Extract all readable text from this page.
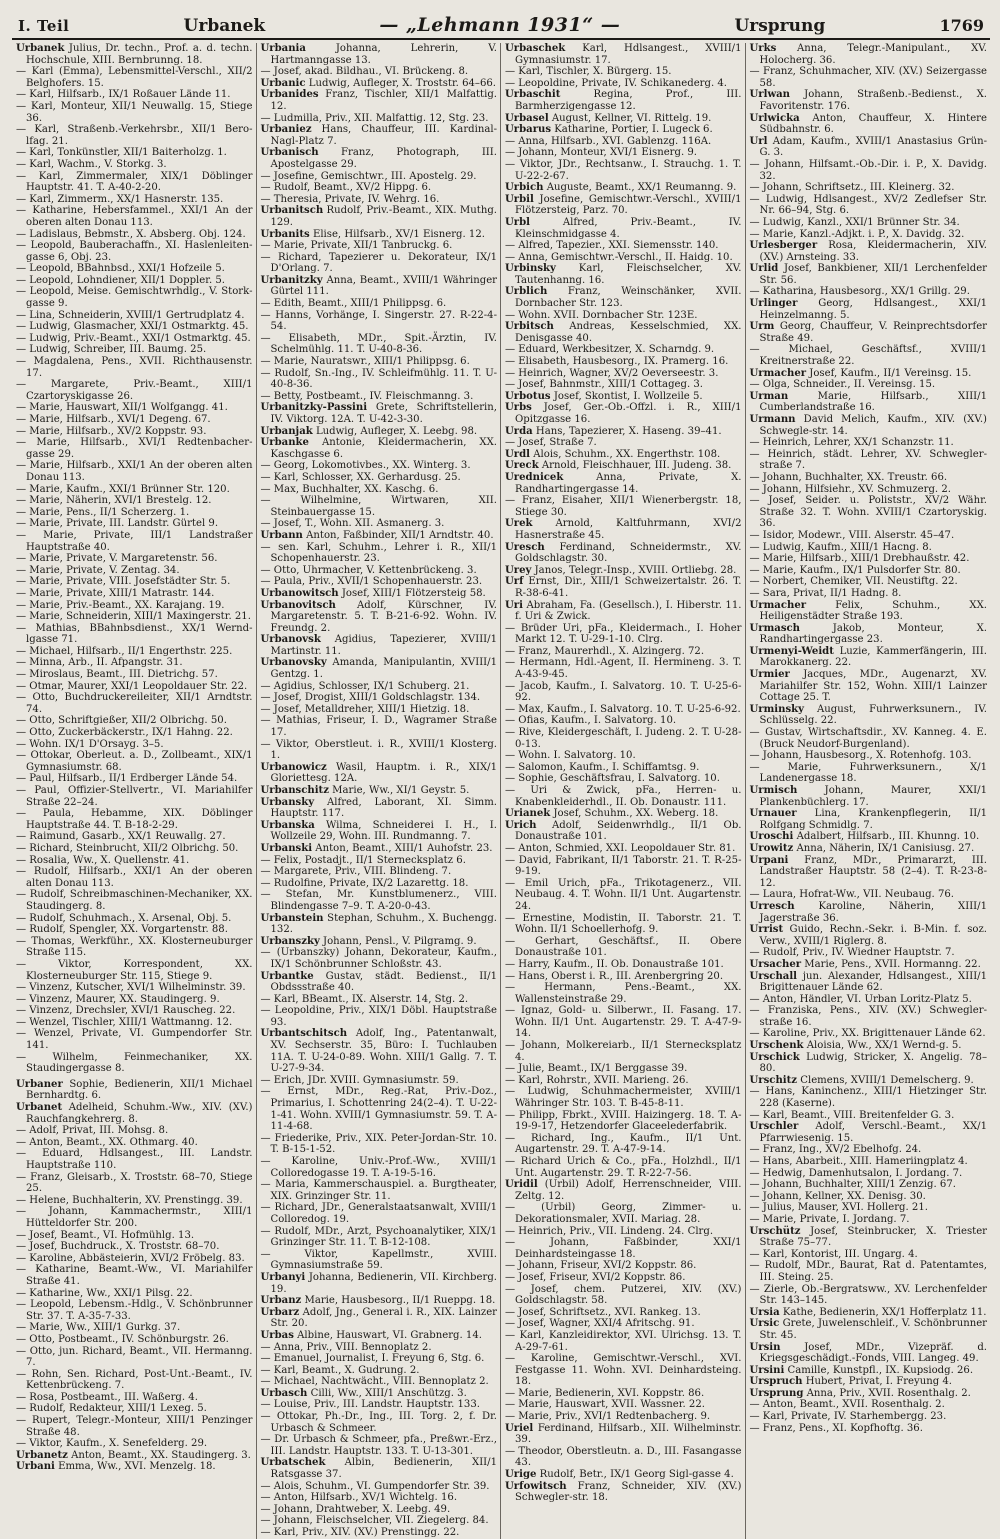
I. Teil	Urbanek	— „Lehmann 1931“ —	Ursprung	1769

Urbanek Julius, Dr. techn., Prof. a. d. techn. Hochschule, XIII. Bernbrunng. 18.

— Karl (Emma), Lebensmittel-Verschl., XII/2 Belghofers. 15.

— Karl, Hilfsarb., IX/1 Roßauer Lände 11.

— Karl, Monteur, XII/1 Neuwallg. 15, Stiege 36.

— Karl, Straßenb.-Verkehrsbr., XII/1 Bero-lfag. 21.

— Karl, Tonkünstler, XII/1 Baiterholzg. 1.

— Karl, Wachm., V. Storkg. 3.

— Karl, Zimmermaler, XIX/1 Döblinger Hauptstr. 41. T. A-40-2-20.

— Karl, Zimmerm., XX/1 Hasnerstr. 135.

— Katharine, Hebersfammel., XXI/1 An der oberen alten Donau 113.

— Ladislaus, Bebmstr., X. Absberg. Obj. 124.

— Leopold, Bauberachaffn., XI. Haslenleiten-gasse 6, Obj. 23.

— Leopold, BBahnbsd., XXI/1 Hofzeile 5.

— Leopold, Lohndiener, XII/1 Doppler. 5.

— Leopold, Meise. Gemischtwrhdlg., V. Stork-gasse 9.

— Lina, Schneiderin, XVIII/1 Gertrudplatz 4.

— Ludwig, Glasmacher, XXI/1 Ostmarktg. 45.

— Ludwig, Priv.-Beamt., XXI/1 Ostmarktg. 45.

— Ludwig, Schreiber, III. Baumg. 25.

— Magdalena, Pens., XVII. Richthausenstr. 17.

— Margarete, Priv.-Beamt., XIII/1 Czartoryskigasse 26.

— Marie, Hauswart, XII/1 Wolfgangg. 41.

— Marie, Hilfsarb., XVI/1 Degeng. 67.

— Marie, Hilfsarb., XV/2 Koppstr. 93.

— Marie, Hilfsarb., XVI/1 Redtenbacher-gasse 29.

— Marie, Hilfsarb., XXI/1 An der oberen alten Donau 113.

— Marie, Kaufm., XXI/1 Brünner Str. 120.

— Marie, Näherin, XVI/1 Brestelg. 12.

— Marie, Pens., II/1 Scherzerg. 1.

— Marie, Private, III. Landstr. Gürtel 9.

— Marie, Private, III/1 Landstraßer Hauptstraße 40.

— Marie, Private, V. Margaretenstr. 56.

— Marie, Private, V. Zentag. 34.

— Marie, Private, VIII. Josefstädter Str. 5.

— Marie, Private, XIII/1 Matrastr. 144.

— Marie, Priv.-Beamt., XX. Karajang. 19.

— Marie, Schneiderin, XIII/1 Maxingerstr. 21.

— Mathias, BBahnbsdienst., XX/1 Wernd-lgasse 71.

— Michael, Hilfsarb., II/1 Engerthstr. 225.

— Minna, Arb., II. Afpangstr. 31.

— Miroslaus, Beamt., III. Dietrichg. 57.

— Otmar, Maurer, XXI/1 Leopoldauer Str. 22.

— Otto, Buchdruckereileiter, XII/1 Arndtstr. 74.

— Otto, Schriftgießer, XII/2 Olbrichg. 50.

— Otto, Zuckerbäckerstr., IX/1 Hahng. 22.

— Wohn. IX/1 D'Orsayg. 3–5.

— Ottokar, Oberleut. a. D., Zollbeamt., XIX/1 Gymnasiumstr. 68.

— Paul, Hilfsarb., II/1 Erdberger Lände 54.

— Paul, Offizier-Stellvertr., VI. Mariahilfer Straße 22–24.

— Paula, Hebamme, XIX. Döblinger Hauptstraße 44. T. B-18-2-29.

— Raimund, Gasarb., XX/1 Reuwallg. 27.

— Richard, Steinbrucht, XII/2 Olbrichg. 50.

— Rosalia, Ww., X. Quellenstr. 41.

— Rudolf, Hilfsarb., XXI/1 An der oberen alten Donau 113.

— Rudolf, Schreibmaschinen-Mechaniker, XX. Staudingerg. 8.

— Rudolf, Schuhmach., X. Arsenal, Obj. 5.

— Rudolf, Spengler, XX. Vorgartenstr. 88.

— Thomas, Werkführ., XX. Klosterneuburger Straße 115.

— Viktor, Korrespondent, XX. Klosterneuburger Str. 115, Stiege 9.

— Vinzenz, Kutscher, XVI/1 Wilhelminstr. 39.

— Vinzenz, Maurer, XX. Staudingerg. 9.

— Vinzenz, Drechsler, XVI/1 Rauscheg. 22.

— Wenzel, Tischler, XIII/1 Wattmanng. 12.

— Wenzel, Private, VI. Gumpendorfer Str. 141.

— Wilhelm, Feinmechaniker, XX. Staudingergasse 8.

Urbaner Sophie, Bedienerin, XII/1 Michael Bernhardtg. 6.

Urbanet Adelheid, Schuhm.-Ww., XIV. (XV.) Rauchfangkehrerg. 8.

— Adolf, Privat, III. Mohsg. 8.

— Anton, Beamt., XX. Othmarg. 40.

— Eduard, Hdlsangest., III. Landstr. Hauptstraße 110.

— Franz, Gleisarb., X. Troststr. 68–70, Stiege 25.

— Helene, Buchhalterin, XV. Prenstingg. 39.

— Johann, Kammachermstr., XIII/1 Hütteldorfer Str. 200.

— Josef, Beamt., VI. Hofmühlg. 13.

— Josef, Buchdruck., X. Troststr. 68–70.

— Karoline, Abbästeierin, XVI/2 Fröbelg. 83.

— Katharine, Beamt.-Ww., VI. Mariahilfer Straße 41.

— Katharine, Ww., XXI/1 Pilsg. 22.

— Leopold, Lebensm.-Hdlg., V. Schönbrunner Str. 37. T. A-35-7-33.

— Marie, Ww., XIII/1 Gurkg. 37.

— Otto, Postbeamt., IV. Schönburgstr. 26.

— Otto, jun. Richard, Beamt., VII. Hermanng. 7.

— Rohn, Sen. Richard, Post-Unt.-Beamt., IV. Kettenbrückeng. 7.

— Rosa, Postbeamt., III. Waßerg. 4.

— Rudolf, Redakteur, XIII/1 Lexeg. 5.

— Rupert, Telegr.-Monteur, XIII/1 Penzinger Straße 48.

— Viktor, Kaufm., X. Senefelderg. 29.

Urbanetz Anton, Beamt., XX. Staudingerg. 3.

Urbani Emma, Ww., XVI. Menzelg. 18.

Urbania Johanna, Lehrerin, V. Hartmanngasse 13.

— Josef, akad. Bildhau., VI. Brückeng. 8.

Urbanic Ludwig, Aufleger, X. Troststr. 64–66.

Urbanides Franz, Tischler, XII/1 Malfattig. 12.

— Ludmilla, Priv., XII. Malfattig. 12, Stg. 23.

Urbaniez Hans, Chauffeur, III. Kardinal-Nagl-Platz 7.

Urbanisch Franz, Photograph, III. Apostelgasse 29.

— Josefine, Gemischtwr., III. Apostelg. 29.

— Rudolf, Beamt., XV/2 Hippg. 6.

— Theresia, Private, IV. Wehrg. 16.

Urbanitsch Rudolf, Priv.-Beamt., XIX. Muthg. 129.

Urbanits Elise, Hilfsarb., XV/1 Eisnerg. 12.

— Marie, Private, XII/1 Tanbruckg. 6.

— Richard, Tapezierer u. Dekorateur, IX/1 D'Orlang. 7.

Urbanitzky Anna, Beamt., XVIII/1 Währinger Gürtel 111.

— Edith, Beamt., XIII/1 Philippsg. 6.

— Hanns, Vorhänge, I. Singerstr. 27. R-22-4-54.

— Elisabeth, MDr., Spit.-Ärztin, IV. Schelmühlg. 11. T. U-40-8-36.

— Marie, Nauratswr., XIII/1 Philippsg. 6.

— Rudolf, Sn.-Ing., IV. Schleifmühlg. 11. T. U-40-8-36.

— Betty, Postbeamt., IV. Fleischmanng. 3.

Urbanitzky-Passini Grete, Schriftstellerin, IV. Viktorg. 12A. T. U-42-3-30.

Urbanjak Ludwig, Aufleger, X. Leebg. 98.

Urbanke Antonie, Kleidermacherin, XX. Kaschgasse 6.

— Georg, Lokomotivbes., XX. Winterg. 3.

— Karl, Schlosser, XX. Gerhardusg. 25.

— Max, Buchhalter, XX. Kaschg. 6.

— Wilhelmine, Wirtwaren, XII. Steinbauergasse 15.

— Josef, T., Wohn. XII. Asmanerg. 3.

Urbann Anton, Faßbinder, XII/1 Arndtstr. 40.

— sen. Karl, Schuhm., Lehrer i. R., XII/1 Schopenhauerstr. 23.

— Otto, Uhrmacher, V. Kettenbrückeng. 3.

— Paula, Priv., XVII/1 Schopenhauerstr. 23.

Urbanowitsch Josef, XIII/1 Flötzersteig 58.

Urbanovitsch Adolf, Kürschner, IV. Margaretenstr. 5. T. B-21-6-92. Wohn. IV. Freundg. 2.

Urbanovsk Agidius, Tapezierer, XVIII/1 Martinstr. 11.

Urbanovsky Amanda, Manipulantin, XVIII/1 Gentzg. 1.

— Agidius, Schlosser, IX/1 Schuberg. 21.

— Josef, Drogist, XIII/1 Goldschlagstr. 134.

— Josef, Metalldreher, XIII/1 Hietzig. 18.

— Mathias, Friseur, I. D., Wagramer Straße 17.

— Viktor, Oberstleut. i. R., XVIII/1 Klosterg. 1.

Urbanowicz Wasil, Hauptm. i. R., XIX/1 Gloriettesg. 12A.

Urbanschitz Marie, Ww., XI/1 Geystr. 5.

Urbansky Alfred, Laborant, XI. Simm. Hauptstr. 117.

Urbanska Wilma, Schneiderei I. H., I. Wollzeile 29, Wohn. III. Rundmanng. 7.

Urbanski Anton, Beamt., XIII/1 Auhofstr. 23.

— Felix, Postadjt., II/1 Sternecksplatz 6.

— Margarete, Priv., VIII. Blindeng. 7.

— Rudolfine, Private, IX/2 Lazarettg. 18.

— Stefan, Mr. Kunstblumenerz., VIII. Blindengasse 7–9. T. A-20-0-43.

Urbanstein Stephan, Schuhm., X. Buchengg. 132.

Urbanszky Johann, Pensl., V. Pilgramg. 9.

— (Urbanszky) Johann, Dekorateur, Kaufm., IX/1 Schönbrunner Schloßstr. 43.

Urbantke Gustav, städt. Bedienst., II/1 Obdssstraße 40.

— Karl, BBeamt., IX. Alserstr. 14, Stg. 2.

— Leopoldine, Priv., XIX/1 Döbl. Hauptstraße 93.

Urbantschitsch Adolf, Ing., Patentanwalt, XV. Sechserstr. 35, Büro: I. Tuchlauben 11A. T. U-24-0-89. Wohn. XIII/1 Gallg. 7. T. U-27-9-34.

— Erich, JDr. XVIII. Gymnasiumstr. 59.

— Ernst, MDr., Reg.-Rat, Priv.-Doz., Primarius, I. Schottenring 24(2–4). T. U-22-1-41. Wohn. XVIII/1 Gymnasiumstr. 59. T. A-11-4-68.

— Friederike, Priv., XIX. Peter-Jordan-Str. 10. T. B-15-1-52.

— Karoline, Univ.-Prof.-Ww., XVIII/1 Colloredogasse 19. T. A-19-5-16.

— Maria, Kammerschauspiel. a. Burgtheater, XIX. Grinzinger Str. 11.

— Richard, JDr., Generalstaatsanwalt, XVIII/1 Colloredog. 19.

— Rudolf, MDr., Arzt, Psychoanalytiker, XIX/1 Grinzinger Str. 11. T. B-12-108.

— Viktor, Kapellmstr., XVIII. Gymnasiumstraße 59.

Urbanyi Johanna, Bedienerin, VII. Kirchberg. 19.

Urbanz Marie, Hausbesorg., II/1 Rueppg. 18.

Urbarz Adolf, Jng., General i. R., XIX. Lainzer Str. 20.

Urbas Albine, Hauswart, VI. Grabnerg. 14.

— Anna, Priv., VIII. Bennoplatz 2.

— Emanuel, Journalist, I. Freyung 6, Stg. 6.

— Karl, Beamt., X. Gudrung. 2.

— Michael, Nachtwächt., VIII. Bennoplatz 2.

Urbasch Cilli, Ww., XIII/1 Anschützg. 3.

— Louise, Priv., III. Landstr. Hauptstr. 133.

— Ottokar, Ph.-Dr., Ing., III. Torg. 2, f. Dr. Urbasch & Schmeer.

— Dr. Urbasch & Schmeer, pfa., Preßwr.-Erz., III. Landstr. Hauptstr. 133. T. U-13-301.

Urbatschek Albin, Bedienerin, XII/1 Ratsgasse 37.

— Alois, Schuhm., VI. Gumpendorfer Str. 39.

— Anton, Hilfsarb., XV/1 Wichtelg. 16.

— Johann, Drahtweber, X. Leebg. 49.

— Johann, Fleischselcher, VII. Ziegelerg. 84.

— Karl, Priv., XIV. (XV.) Prenstingg. 22.

Urbaschek Karl, Hdlsangest., XVIII/1 Gymnasiumstr. 17.

— Karl, Tischler, X. Bürgerg. 15.

— Leopoldine, Private, IV. Schikanederg. 4.

Urbaschit Regina, Prof., III. Barmherzigengasse 12.

Urbasel August, Kellner, VI. Rittelg. 19.

Urbarus Katharine, Portier, I. Lugeck 6.

— Anna, Hilfsarb., XVI. Gablenzg. 116A.

— Johann, Monteur, XVI/1 Eisnerg. 9.

— Viktor, JDr., Rechtsanw., I. Strauchg. 1. T. U-22-2-67.

Urbich Auguste, Beamt., XX/1 Reumanng. 9.

Urbil Josefine, Gemischtwr.-Verschl., XVIII/1 Flötzersteig, Parz. 70.

Urbl Alfred, Priv.-Beamt., IV. Kleinschmidgasse 4.

— Alfred, Tapezier., XXI. Siemensstr. 140.

— Anna, Gemischtwr.-Verschl., II. Haidg. 10.

Urbinsky Karl, Fleischselcher, XV. Tautenhanng. 16.

Urblich Franz, Weinschänker, XVII. Dornbacher Str. 123.

— Wohn. XVII. Dornbacher Str. 123E.

Urbitsch Andreas, Kesselschmied, XX. Denisgasse 40.

— Eduard, Werkbesitzer, X. Scharndg. 9.

— Elisabeth, Hausbesorg., IX. Pramerg. 16.

— Heinrich, Wagner, XV/2 Oeverseestr. 3.

— Josef, Bahnmstr., XIII/1 Cottageg. 3.

Urbotus Josef, Skontist, I. Wollzeile 5.

Urbs Josef, Ger.-Ob.-Offzl. i. R., XIII/1 Opitzgasse 16.

Urda Hans, Tapezierer, X. Haseng. 39–41.

— Josef, Straße 7.

Urdl Alois, Schuhm., XX. Engerthstr. 108.

Ureck Arnold, Fleischhauer, III. Judeng. 38.

Urednicek Anna, Private, X. Randhartingergasse 14.

— Franz, Eisaher, XII/1 Wienerbergstr. 18, Stiege 30.

Urek Arnold, Kaltfuhrmann, XVI/2 Hasnerstraße 45.

Uresch Ferdinand, Schneidermstr., XV. Goldschlagstr. 30.

Urey Janos, Telegr.-Insp., XVIII. Ortliebg. 28.

Urf Ernst, Dir., XIII/1 Schweizertalstr. 26. T. R-38-6-41.

Uri Abraham, Fa. (Gesellsch.), I. Hiberstr. 11. f. Uri & Zwick.

— Brüder Uri, pFa., Kleidermach., I. Hoher Markt 12. T. U-29-1-10. Clrg.

— Franz, Maurerhdl., X. Alzingerg. 72.

— Hermann, Hdl.-Agent, II. Hermineng. 3. T. A-43-9-45.

— Jacob, Kaufm., I. Salvatorg. 10. T. U-25-6-92.

— Max, Kaufm., I. Salvatorg. 10. T. U-25-6-92.

— Ofias, Kaufm., I. Salvatorg. 10.

— Rive, Kleidergeschäft, I. Judeng. 2. T. U-28-0-13.

— Wohn. I. Salvatorg. 10.

— Salomon, Kaufm., I. Schiffamtsg. 9.

— Sophie, Geschäftsfrau, I. Salvatorg. 10.

— Uri & Zwick, pFa., Herren- u. Knabenkleiderhdl., II. Ob. Donaustr. 111.

Urianek Josef, Schuhm., XX. Weberg. 18.

Urich Adolf, Seidenwrhdlg., II/1 Ob. Donaustraße 101.

— Anton, Schmied, XXI. Leopoldauer Str. 81.

— David, Fabrikant, II/1 Taborstr. 21. T. R-25-9-19.

— Emil Urich, pFa., Trikotagenerz., VII. Neubaug. 4. T. Wohn. II/1 Unt. Augartenstr. 24.

— Ernestine, Modistin, II. Taborstr. 21. T. Wohn. II/1 Schoellerhofg. 9.

— Gerhart, Geschäftsf., II. Obere Donaustraße 101.

— Harry, Kaufm., II. Ob. Donaustraße 101.

— Hans, Oberst i. R., III. Arenbergring 20.

— Hermann, Pens.-Beamt., XX. Wallensteinstraße 29.

— Ignaz, Gold- u. Silberwr., II. Fasang. 17. Wohn. II/1 Unt. Augartenstr. 29. T. A-47-9-14.

— Johann, Molkereiarb., II/1 Sternecksplatz 4.

— Julie, Beamt., IX/1 Berggasse 39.

— Karl, Rohrstr., XVII. Marieng. 26.

— Ludwig, Schuhmachermeister, XVIII/1 Währinger Str. 103. T. B-45-8-11.

— Philipp, Fbrkt., XVIII. Haizingerg. 18. T. A-19-9-17, Hetzendorfer Glaceelederfabrik.

— Richard, Ing., Kaufm., II/1 Unt. Augartenstr. 29. T. A-47-9-14.

— Richard Urich & Co., pFa., Holzhdl., II/1 Unt. Augartenstr. 29. T. R-22-7-56.

Uridil (Urbil) Adolf, Herrenschneider, VIII. Zeltg. 12.

— (Urbil) Georg, Zimmer- u. Dekorationsmaler, XVII. Mariag. 28.

— Heinrich, Priv., VII. Lindeng. 24. Clrg.

— Johann, Faßbinder, XXI/1 Deinhardsteingasse 18.

— Johann, Friseur, XVI/2 Koppstr. 86.

— Josef, Friseur, XVI/2 Koppstr. 86.

— Josef, chem. Putzerei, XIV. (XV.) Goldschlagstr. 58.

— Josef, Schriftsetz., XVI. Rankeg. 13.

— Josef, Wagner, XXI/4 Afritschg. 91.

— Karl, Kanzleidirektor, XVI. Ulrichsg. 13. T. A-29-7-61.

— Karoline, Gemischtwr.-Verschl., XVI. Festgasse 11. Wohn. XVI. Deinhardsteing. 18.

— Marie, Bedienerin, XVI. Koppstr. 86.

— Marie, Hauswart, XVII. Wassner. 22.

— Marie, Priv., XVI/1 Redtenbacherg. 9.

Uriel Ferdinand, Hilfsarb., XII. Wilhelminstr. 39.

— Theodor, Oberstleutn. a. D., III. Fasangasse 43.

Urige Rudolf, Betr., IX/1 Georg Sigl-gasse 4.

Urfowitsch Franz, Schneider, XIV. (XV.) Schwegler-str. 18.

Urks Anna, Telegr.-Manipulant., XV. Holocherg. 36.

— Franz, Schuhmacher, XIV. (XV.) Seizergasse 58.

Urlwan Johann, Straßenb.-Bedienst., X. Favoritenstr. 176.

Urlwicka Anton, Chauffeur, X. Hintere Südbahnstr. 6.

Url Adam, Kaufm., XVIII/1 Anastasius Grün-G. 3.

— Johann, Hilfsamt.-Ob.-Dir. i. P., X. Davidg. 32.

— Johann, Schriftsetz., III. Kleinerg. 32.

— Ludwig, Hdlsangest., XV/2 Zedlefser Str. Nr. 66–94, Stg. 6.

— Ludwig, Kanzl., XXI/1 Brünner Str. 34.

— Marie, Kanzl.-Adjkt. i. P., X. Davidg. 32.

Urlesberger Rosa, Kleidermacherin, XIV. (XV.) Arnsteing. 33.

Urlid Josef, Bankbiener, XII/1 Lerchenfelder Str. 56.

— Katharina, Hausbesorg., XX/1 Grillg. 29.

Urlinger Georg, Hdlsangest., XXI/1 Heinzelmanng. 5.

Urm Georg, Chauffeur, V. Reinprechtsdorfer Straße 49.

— Michael, Geschäftsf., XVIII/1 Kreitnerstraße 22.

Urmacher Josef, Kaufm., II/1 Vereinsg. 15.

— Olga, Schneider., II. Vereinsg. 15.

Urman Marie, Hilfsarb., XIII/1 Cumberlandstraße 16.

Urmann David Melich, Kaufm., XIV. (XV.) Schwegle-str. 14.

— Heinrich, Lehrer, XX/1 Schanzstr. 11.

— Heinrich, städt. Lehrer, XV. Schwegler-straße 7.

— Johann, Buchhalter, XX. Treustr. 66.

— Johann, Hilfsiehr., XV. Schmuzerg. 2.

— Josef, Seider. u. Poliststr., XV/2 Währ. Straße 32. T. Wohn. XVIII/1 Czartoryskig. 36.

— Isidor, Modewr., VIII. Alserstr. 45–47.

— Ludwig, Kaufm., XIII/1 Hacng. 8.

— Marie, Hilfsarb., XIII/1 Drebhaußstr. 42.

— Marie, Kaufm., IX/1 Pulsdorfer Str. 80.

— Norbert, Chemiker, VII. Neustiftg. 22.

— Sara, Privat, II/1 Hadng. 8.

Urmacher Felix, Schuhm., XX. Heiligenstädter Straße 193.

Urmasch Jakob, Monteur, X. Randhartingergasse 23.

Urmenyi-Weidt Luzie, Kammerfängerin, III. Marokkanerg. 22.

Urmier Jacques, MDr., Augenarzt, XV. Mariahilfer Str. 152, Wohn. XIII/1 Lainzer Cottage 25. T.

Urminsky August, Fuhrwerksunern., IV. Schlüsselg. 22.

— Gustav, Wirtschaftsdir., XV. Kanneg. 4. E. (Bruck Neudorf-Burgenland).

— Johann, Hausbesorg., X. Rotenhofg. 103.

— Marie, Fuhrwerksunern., X/1 Landenergasse 18.

Urmisch Johann, Maurer, XXI/1 Plankenbüchlerg. 17.

Urnauer Lina, Krankenpflegerin, II/1 Rolfgang Schmidlg. 7.

Uroschi Adalbert, Hilfsarb., III. Khunng. 10.

Urowitz Anna, Näherin, IX/1 Canisiusg. 27.

Urpani Franz, MDr., Primararzt, III. Landstraßer Hauptstr. 58 (2–4). T. R-23-8-12.

— Laura, Hofrat-Ww., VII. Neubaug. 76.

Urresch Karoline, Näherin, XIII/1 Jagerstraße 36.

Urrist Guido, Rechn.-Sekr. i. B-Min. f. soz. Verw., XVIII/1 Riglerg. 8.

— Rudolf, Priv., IV. Wiedner Hauptstr. 7.

Ursacher Marie, Pens., XVII. Hormanng. 22.

Urschall jun. Alexander, Hdlsangest., XIII/1 Brigittenauer Lände 62.

— Anton, Händler, VI. Urban Loritz-Platz 5.

— Franziska, Pens., XIV. (XV.) Schwegler-straße 16.

— Karoline, Priv., XX. Brigittenauer Lände 62.

Urschenk Aloisia, Ww., XX/1 Wernd-g. 5.

Urschick Ludwig, Stricker, X. Angelig. 78–80.

Urschitz Clemens, XVIII/1 Demelscherg. 9.

— Hans, Kaninchenz., XIII/1 Hietzinger Str. 228 (Kaserne).

— Karl, Beamt., VIII. Breitenfelder G. 3.

Urschler Adolf, Verschl.-Beamt., XX/1 Pfarrwiesenig. 15.

— Franz, Ing., XV/2 Ebelhofg. 24.

— Hans, Abarbeit., XIII. Hameriingplatz 4.

— Hedwig, Damenhutsalon, I. Jordang. 7.

— Johann, Buchhalter, XIII/1 Zenzig. 67.

— Johann, Kellner, XX. Denisg. 30.

— Julius, Mauser, XVI. Hollerg. 21.

— Marie, Private, I. Jordang. 7.

Urschütz Josef, Steinbrucker, X. Triester Straße 75–77.

— Karl, Kontorist, III. Ungarg. 4.

— Rudolf, MDr., Baurat, Rat d. Patentamtes, III. Steing. 25.

— Zierle, Ob.-Bergratsww., XV. Lerchenfelder Str. 143–145.

Ursia Kathe, Bedienerin, XX/1 Hofferplatz 11.

Ursic Grete, Juwelenschleif., V. Schönbrunner Str. 45.

Ursin Josef, MDr., Vizepräf. d. Kriegsgeschädigt.-Fonds, VIII. Langeg. 49.

Ursini Camille, Kunstpfl., IX. Kupsiodg. 26.

Urspruch Hubert, Privat, I. Freyung 4.

Ursprung Anna, Priv., XVII. Rosenthalg. 2.

— Anton, Beamt., XVII. Rosenthalg. 2.

— Karl, Private, IV. Starhembergg. 23.

— Franz, Pens., XI. Kopfhoftg. 36.
